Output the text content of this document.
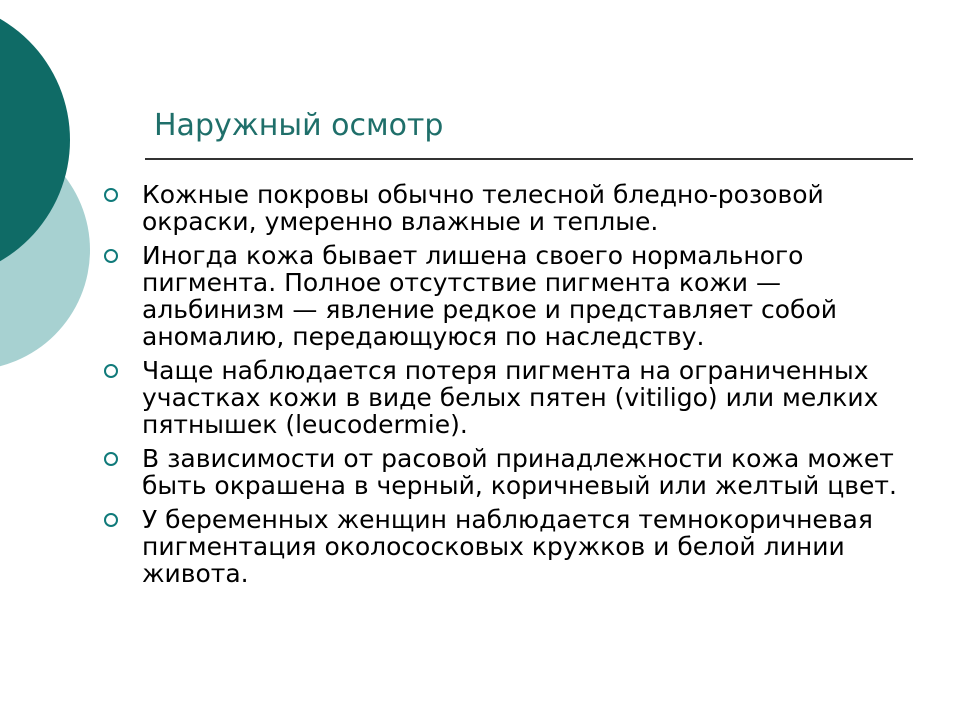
Наружный осмотр
Кожные покровы обычно телесной бледно-розовой окраски, умеренно влажные и теплые.
Иногда кожа бывает лишена своего нормального пигмента. Полное отсутствие пигмента кожи — альбинизм — явление редкое и представляет собой аномалию, передающуюся по наследству.
Чаще наблюдается потеря пигмента на ограниченных участках кожи в виде белых пятен (vitiligo) или мелких пятнышек (leucodermie).
В зависимости от расовой принадлежности кожа может быть окрашена в черный, коричневый или желтый цвет.
У беременных женщин наблюдается темнокоричневая пигментация околососковых кружков и белой линии живота.
